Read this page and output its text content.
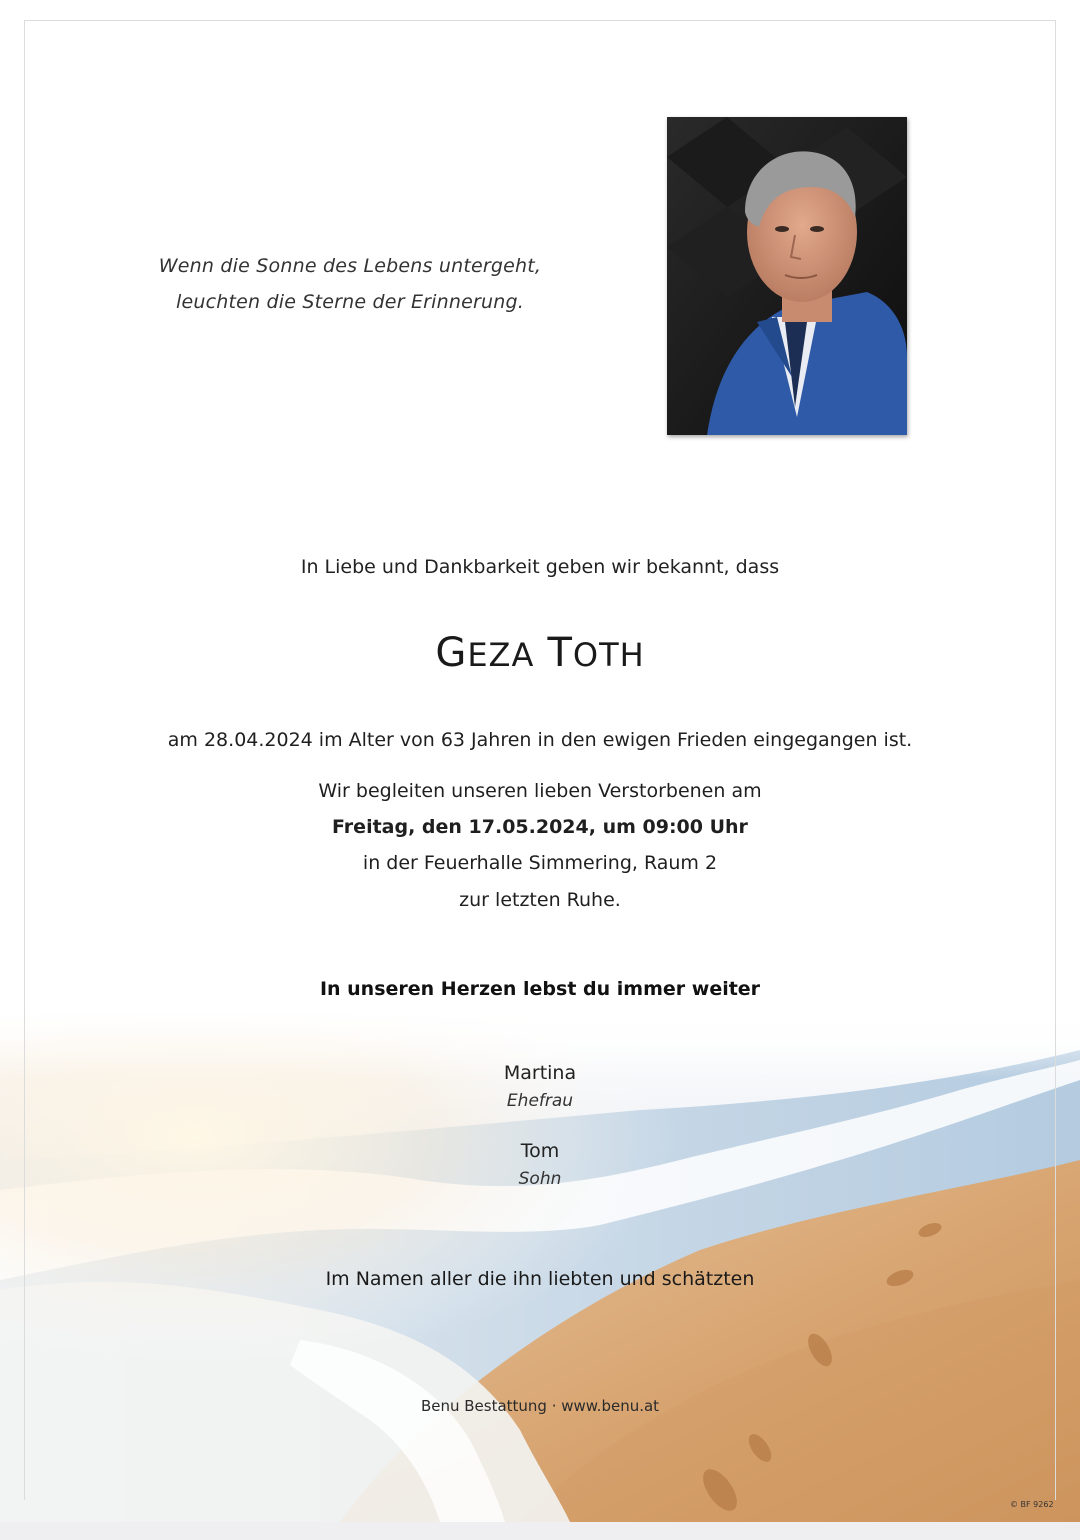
Wenn die Sonne des Lebens untergeht,
leuchten die Sterne der Erinnerung.
In Liebe und Dankbarkeit geben wir bekannt, dass
GEZA TOTH
am 28.04.2024 im Alter von 63 Jahren in den ewigen Frieden eingegangen ist.
Wir begleiten unseren lieben Verstorbenen am
Freitag, den 17.05.2024, um 09:00 Uhr
in der Feuerhalle Simmering, Raum 2
zur letzten Ruhe.
In unseren Herzen lebst du immer weiter
Martina
Ehefrau
Tom
Sohn
Im Namen aller die ihn liebten und schätzten
Benu Bestattung · www.benu.at
© BF 9262
